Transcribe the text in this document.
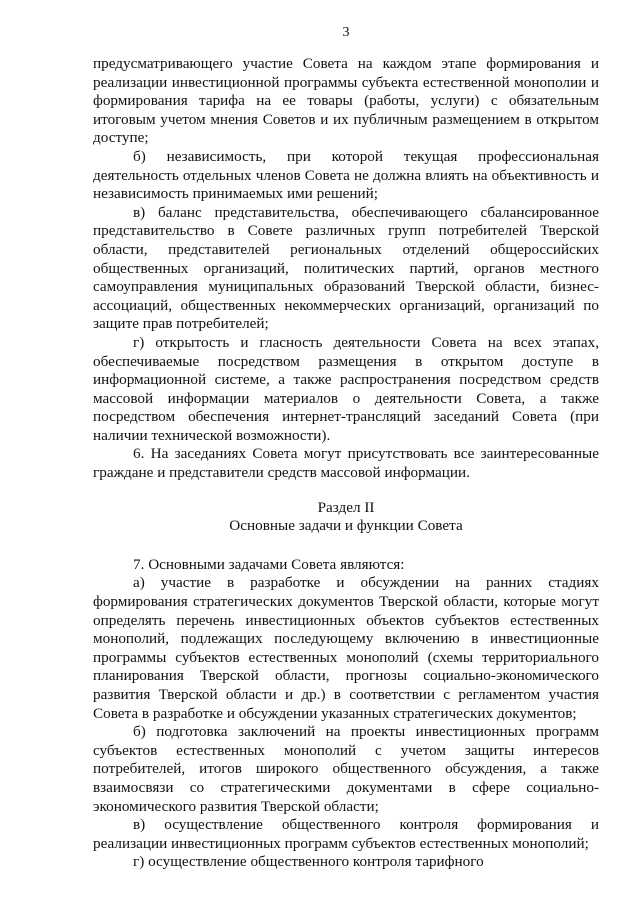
3

предусматривающего участие Совета на каждом этапе формирования и реализации инвестиционной программы субъекта естественной монополии и формирования тарифа на ее товары (работы, услуги) с обязательным итоговым учетом мнения Советов и их публичным размещением в открытом доступе;

б) независимость, при которой текущая профессиональная деятельность отдельных членов Совета не должна влиять на объективность и независимость принимаемых ими решений;

в) баланс представительства, обеспечивающего сбалансированное представительство в Совете различных групп потребителей Тверской области, представителей региональных отделений общероссийских общественных организаций, политических партий, органов местного самоуправления муниципальных образований Тверской области, бизнес-ассоциаций, общественных некоммерческих организаций, организаций по защите прав потребителей;

г) открытость и гласность деятельности Совета на всех этапах, обеспечиваемые посредством размещения в открытом доступе в информационной системе, а также распространения посредством средств массовой информации материалов о деятельности Совета, а также посредством обеспечения интернет-трансляций заседаний Совета (при наличии технической возможности).

6. На заседаниях Совета могут присутствовать все заинтересованные граждане и представители средств массовой информации.

Раздел II
Основные задачи и функции Совета

7. Основными задачами Совета являются:

а) участие в разработке и обсуждении на ранних стадиях формирования стратегических документов Тверской области, которые могут определять перечень инвестиционных объектов субъектов естественных монополий, подлежащих последующему включению в инвестиционные программы субъектов естественных монополий (схемы территориального планирования Тверской области, прогнозы социально-экономического развития Тверской области и др.) в соответствии с регламентом участия Совета в разработке и обсуждении указанных стратегических документов;

б) подготовка заключений на проекты инвестиционных программ субъектов естественных монополий с учетом защиты интересов потребителей, итогов широкого общественного обсуждения, а также взаимосвязи со стратегическими документами в сфере социально-экономического развития Тверской области;

в) осуществление общественного контроля формирования и реализации инвестиционных программ субъектов естественных монополий;

г) осуществление общественного контроля тарифного
